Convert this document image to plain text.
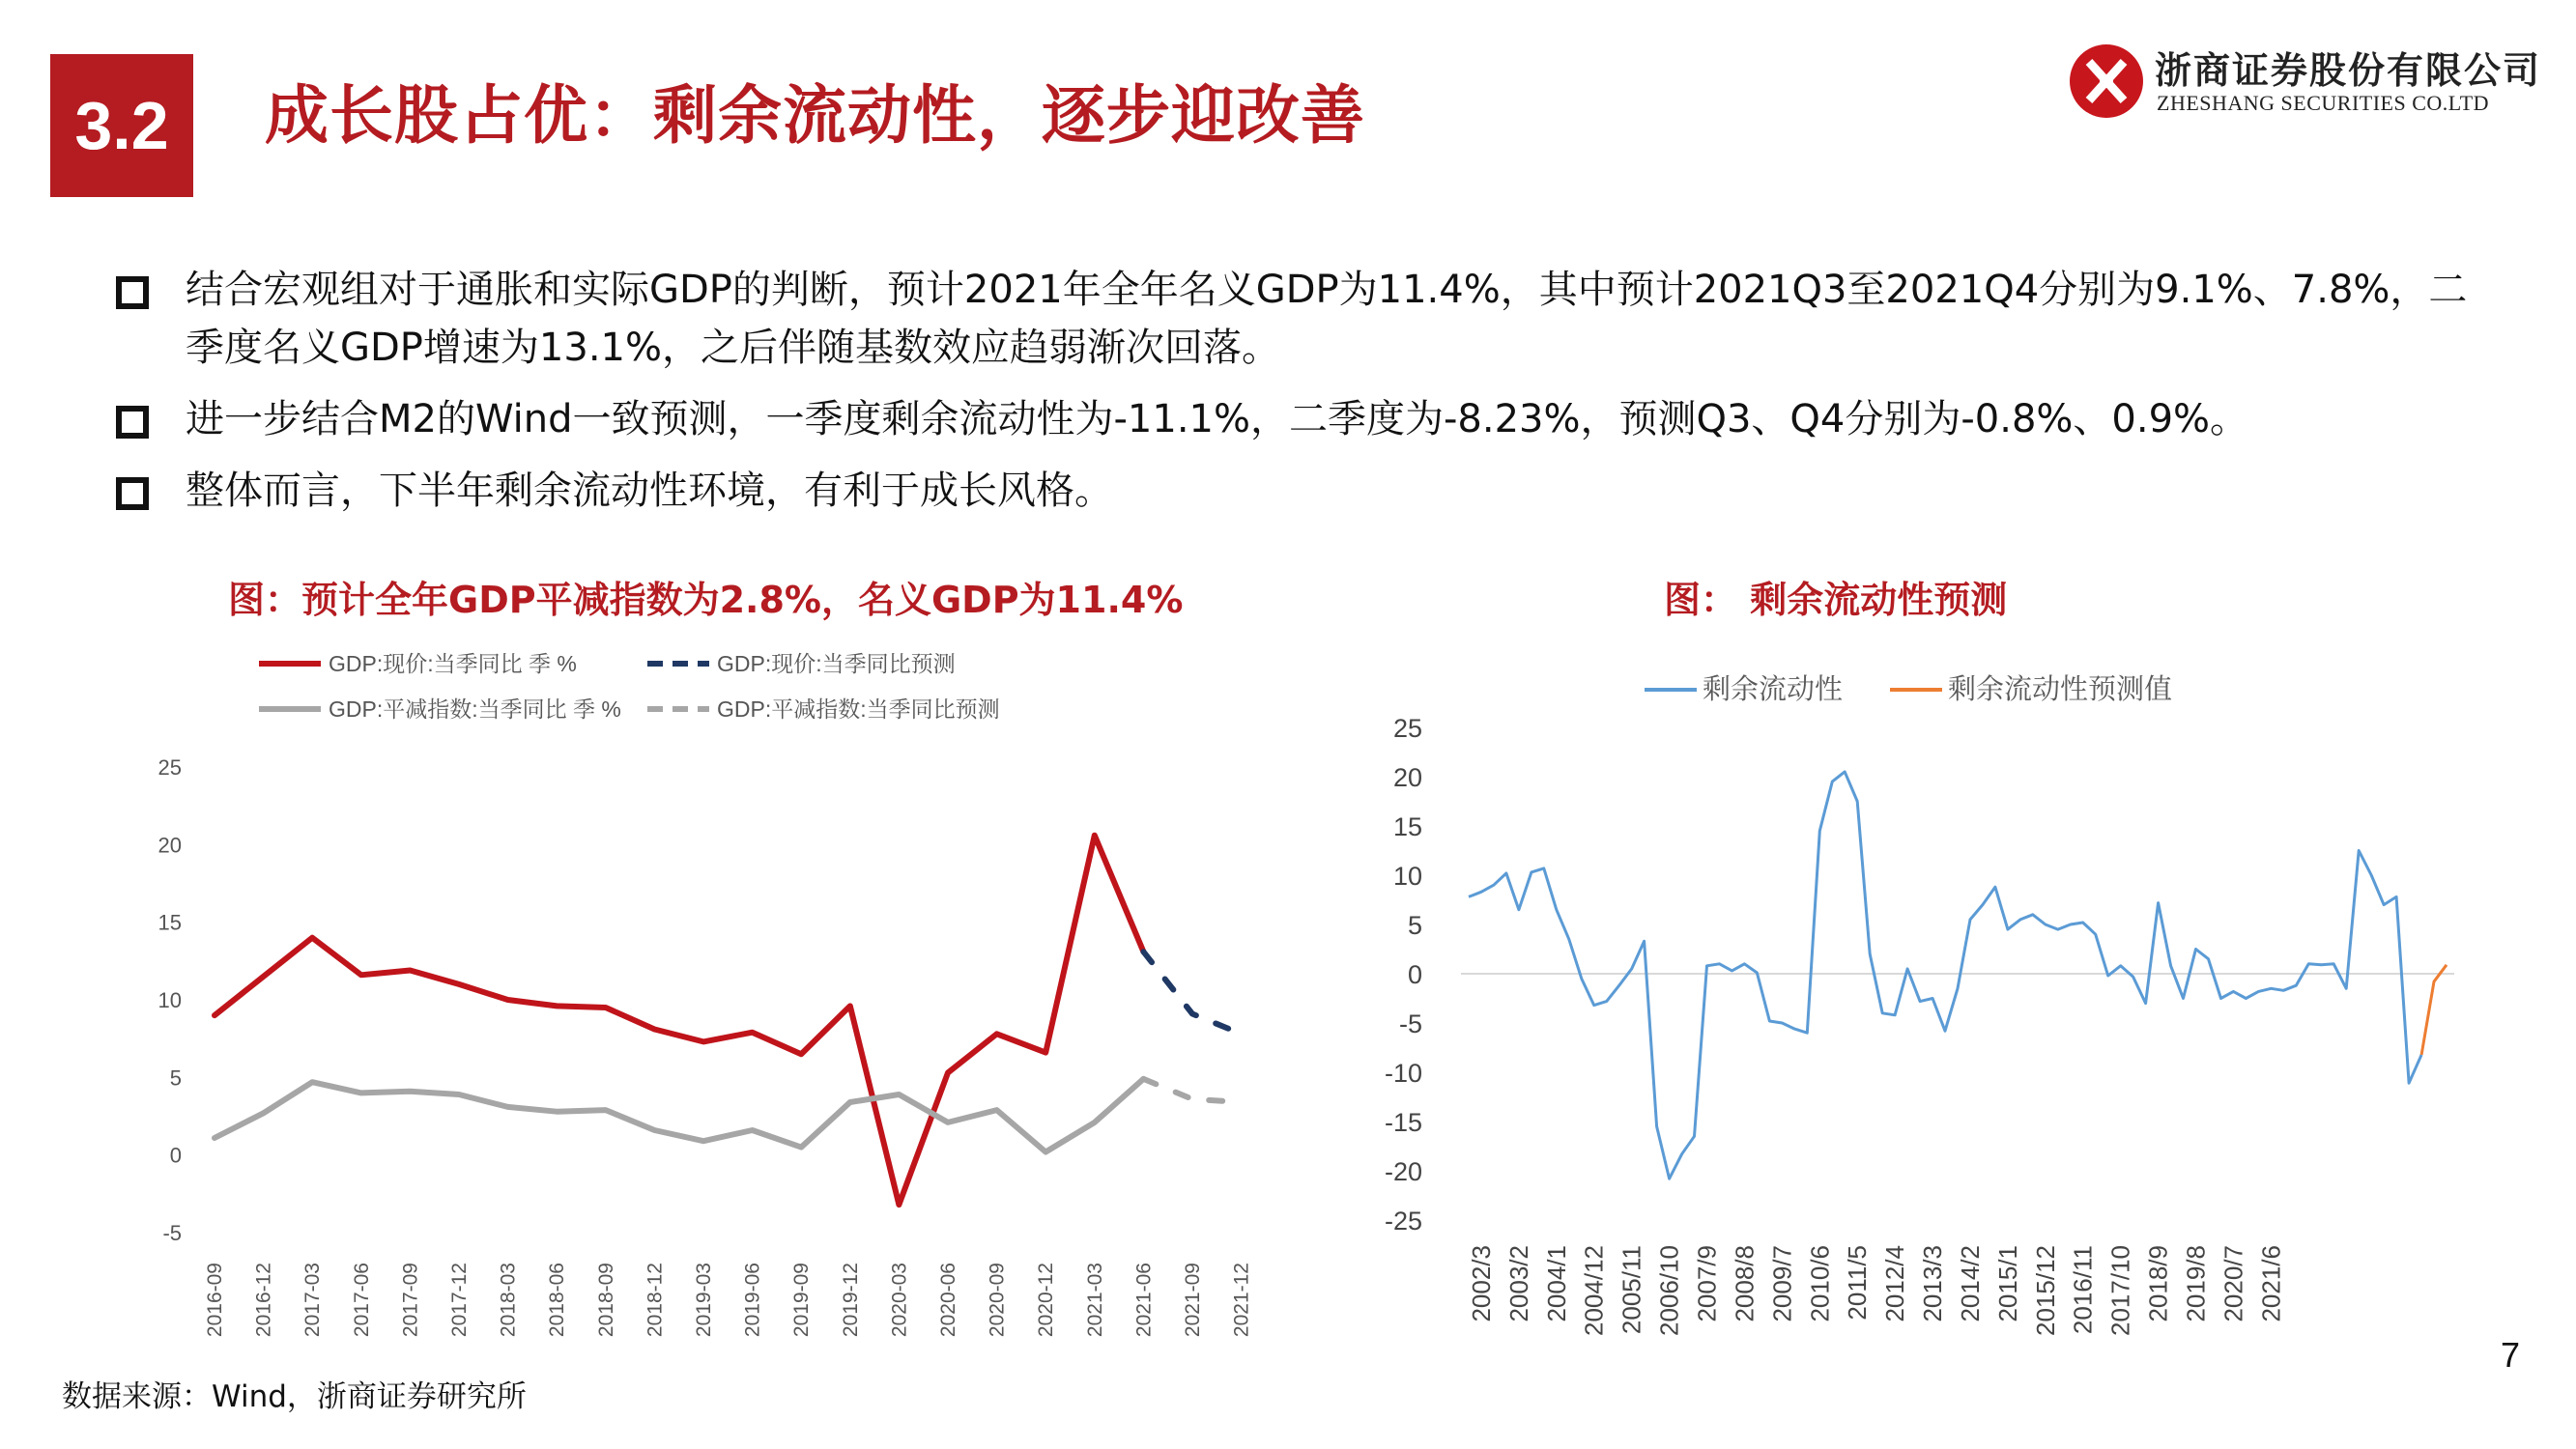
3.2	成长股占优：剩余流动性，逐步迎改善
浙商证券股份有限公司
ZHESHANG SECURITIES CO.LTD
结合宏观组对于通胀和实际GDP的判断，预计2021年全年名义GDP为11.4%，其中预计2021Q3至2021Q4分别为9.1%、7.8%，二季度名义GDP增速为13.1%，之后伴随基数效应趋弱渐次回落。
进一步结合M2的Wind一致预测，一季度剩余流动性为-11.1%，二季度为-8.23%，预测Q3、Q4分别为-0.8%、0.9%。
整体而言，下半年剩余流动性环境，有利于成长风格。
图：预计全年GDP平减指数为2.8%，名义GDP为11.4%	图： 剩余流动性预测
GDP:现价:当季同比 季 %	GDP:现价:当季同比预测
GDP:平减指数:当季同比 季 %	GDP:平减指数:当季同比预测
-5
0
5
10
15
20
25
2016-09 2016-12 2017-03 2017-06 2017-09 2017-12 2018-03 2018-06 2018-09 2018-12 2019-03 2019-06 2019-09 2019-12 2020-03 2020-06 2020-09 2020-12 2021-03 2021-06 2021-09 2021-12
剩余流动性	剩余流动性预测值
25
20
15
10
5
0
-5
-10
-15
-20
-25
2002/3 2003/2 2004/1 2004/12 2005/11 2006/10 2007/9 2008/8 2009/7 2010/6 2011/5 2012/4 2013/3 2014/2 2015/1 2015/12 2016/11 2017/10 2018/9 2019/8 2020/7 2021/6
数据来源：Wind，浙商证券研究所
7
